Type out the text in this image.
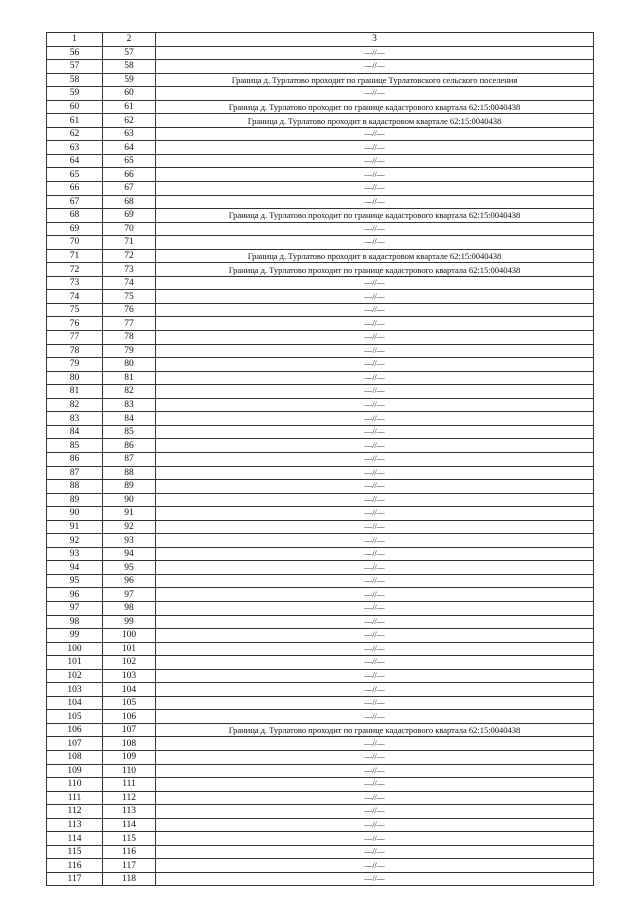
1	2	3
56	57	—//—
57	58	—//—
58	59	Граница д. Турлатово проходит по границе Турлатовского сельского поселения
59	60	—//—
60	61	Граница д. Турлатово проходит по границе кадастрового квартала 62:15:0040438
61	62	Граница д. Турлатово проходит в кадастровом квартале 62:15:0040438
62	63	—//—
63	64	—//—
64	65	—//—
65	66	—//—
66	67	—//—
67	68	—//—
68	69	Граница д. Турлатово проходит по границе кадастрового квартала 62:15:0040438
69	70	—//—
70	71	—//—
71	72	Граница д. Турлатово проходит в кадастровом квартале 62:15:0040438
72	73	Граница д. Турлатово проходит по границе кадастрового квартала 62:15:0040438
73	74	—//—
74	75	—//—
75	76	—//—
76	77	—//—
77	78	—//—
78	79	—//—
79	80	—//—
80	81	—//—
81	82	—//—
82	83	—//—
83	84	—//—
84	85	—//—
85	86	—//—
86	87	—//—
87	88	—//—
88	89	—//—
89	90	—//—
90	91	—//—
91	92	—//—
92	93	—//—
93	94	—//—
94	95	—//—
95	96	—//—
96	97	—//—
97	98	—//—
98	99	—//—
99	100	—//—
100	101	—//—
101	102	—//—
102	103	—//—
103	104	—//—
104	105	—//—
105	106	—//—
106	107	Граница д. Турлатово проходит по границе кадастрового квартала 62:15:0040438
107	108	—//—
108	109	—//—
109	110	—//—
110	111	—//—
111	112	—//—
112	113	—//—
113	114	—//—
114	115	—//—
115	116	—//—
116	117	—//—
117	118	—//—
